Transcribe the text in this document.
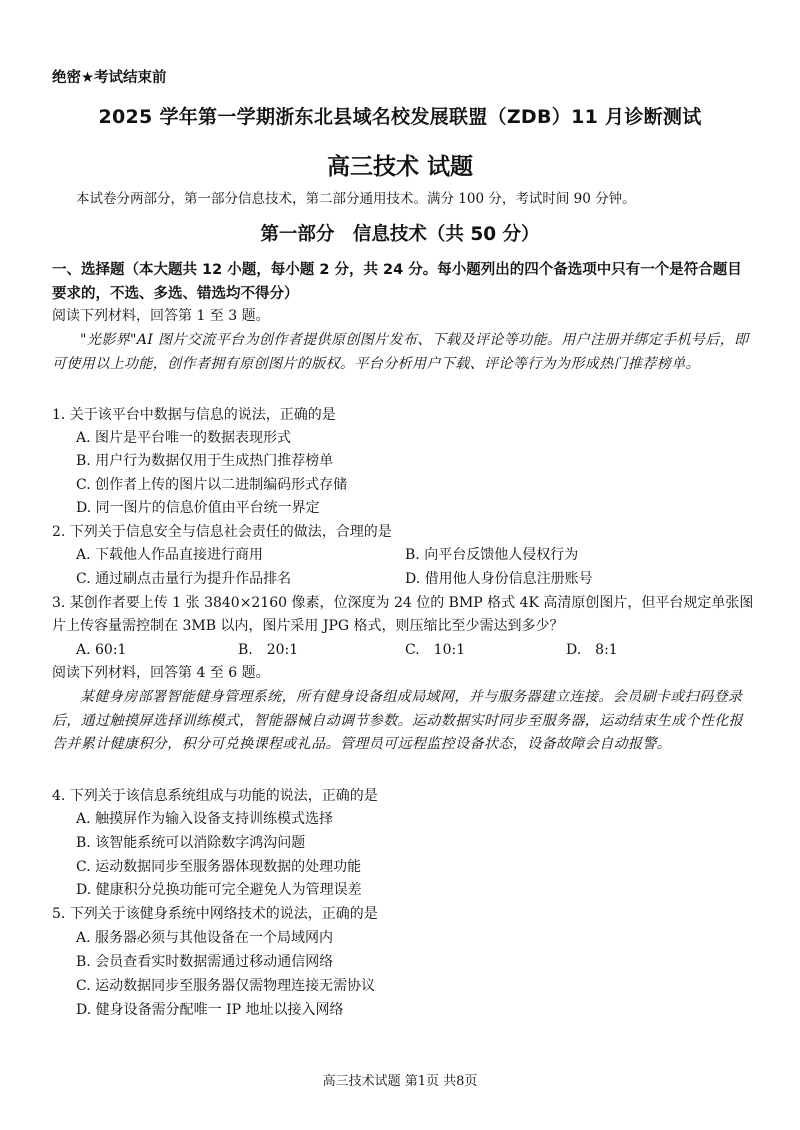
绝密★考试结束前
2025 学年第一学期浙东北县域名校发展联盟（ZDB）11 月诊断测试
高三技术 试题
本试卷分两部分，第一部分信息技术，第二部分通用技术。满分 100 分，考试时间 90 分钟。
第一部分　信息技术（共 50 分）
一、选择题（本大题共 12 小题，每小题 2 分，共 24 分。每小题列出的四个备选项中只有一个是符合题目要求的，不选、多选、错选均不得分）
阅读下列材料，回答第 1 至 3 题。
"光影界"AI 图片交流平台为创作者提供原创图片发布、下载及评论等功能。用户注册并绑定手机号后，即可使用以上功能，创作者拥有原创图片的版权。平台分析用户下载、评论等行为为形成热门推荐榜单。
1. 关于该平台中数据与信息的说法，正确的是
A. 图片是平台唯一的数据表现形式
B. 用户行为数据仅用于生成热门推荐榜单
C. 创作者上传的图片以二进制编码形式存储
D. 同一图片的信息价值由平台统一界定
2. 下列关于信息安全与信息社会责任的做法，合理的是
A. 下载他人作品直接进行商用	B. 向平台反馈他人侵权行为
C. 通过刷点击量行为提升作品排名	D. 借用他人身份信息注册账号
3. 某创作者要上传 1 张 3840×2160 像素，位深度为 24 位的 BMP 格式 4K 高清原创图片，但平台规定单张图片上传容量需控制在 3MB 以内，图片采用 JPG 格式，则压缩比至少需达到多少？
A. 60:1	B.　20:1	C.　10:1	D.　8:1
阅读下列材料，回答第 4 至 6 题。
某健身房部署智能健身管理系统，所有健身设备组成局域网，并与服务器建立连接。会员刷卡或扫码登录后，通过触摸屏选择训练模式，智能器械自动调节参数。运动数据实时同步至服务器，运动结束生成个性化报告并累计健康积分，积分可兑换课程或礼品。管理员可远程监控设备状态，设备故障会自动报警。
4. 下列关于该信息系统组成与功能的说法，正确的是
A. 触摸屏作为输入设备支持训练模式选择
B. 该智能系统可以消除数字鸿沟问题
C. 运动数据同步至服务器体现数据的处理功能
D. 健康积分兑换功能可完全避免人为管理误差
5. 下列关于该健身系统中网络技术的说法，正确的是
A. 服务器必须与其他设备在一个局域网内
B. 会员查看实时数据需通过移动通信网络
C. 运动数据同步至服务器仅需物理连接无需协议
D. 健身设备需分配唯一 IP 地址以接入网络
高三技术试题 第1页 共8页
